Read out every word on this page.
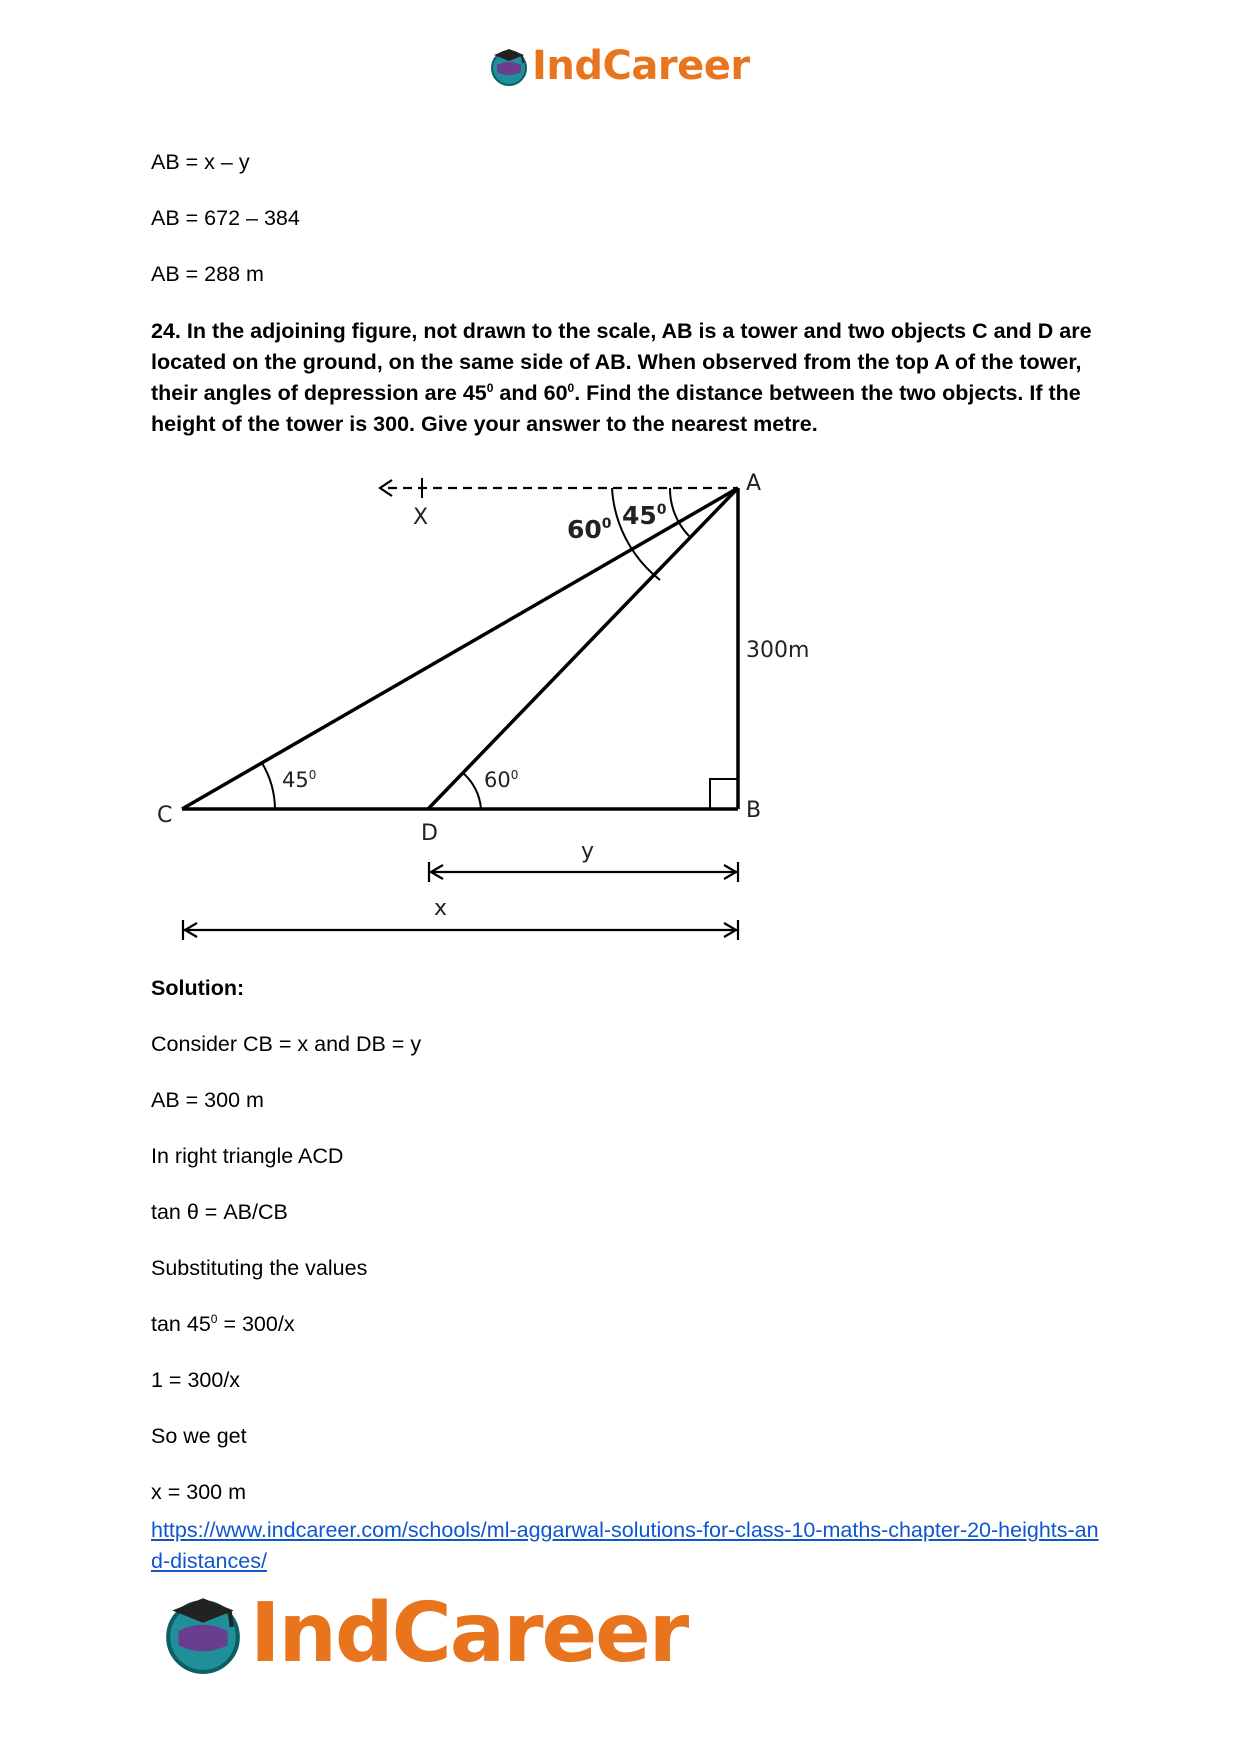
IndCareer

AB = x – y

AB = 672 – 384

AB = 288 m

24. In the adjoining figure, not drawn to the scale, AB is a tower and two objects C and D are located on the ground, on the same side of AB. When observed from the top A of the tower, their angles of depression are $45^0$ and $60^0$. Find the distance between the two objects. If the height of the tower is 300. Give your answer to the nearest metre.

A
X
300m
B
C
D
y
x
$60^0$ $45^0$
$45^0$	$60^0$

Solution:

Consider CB = x and DB = y

AB = 300 m

In right triangle ACD

tan θ = AB/CB

Substituting the values

$\tan 45^0 = 300/x$

1 = 300/x

So we get

x = 300 m

https://www.indcareer.com/schools/ml-aggarwal-solutions-for-class-10-maths-chapter-20-heights-and-distances/

IndCareer
